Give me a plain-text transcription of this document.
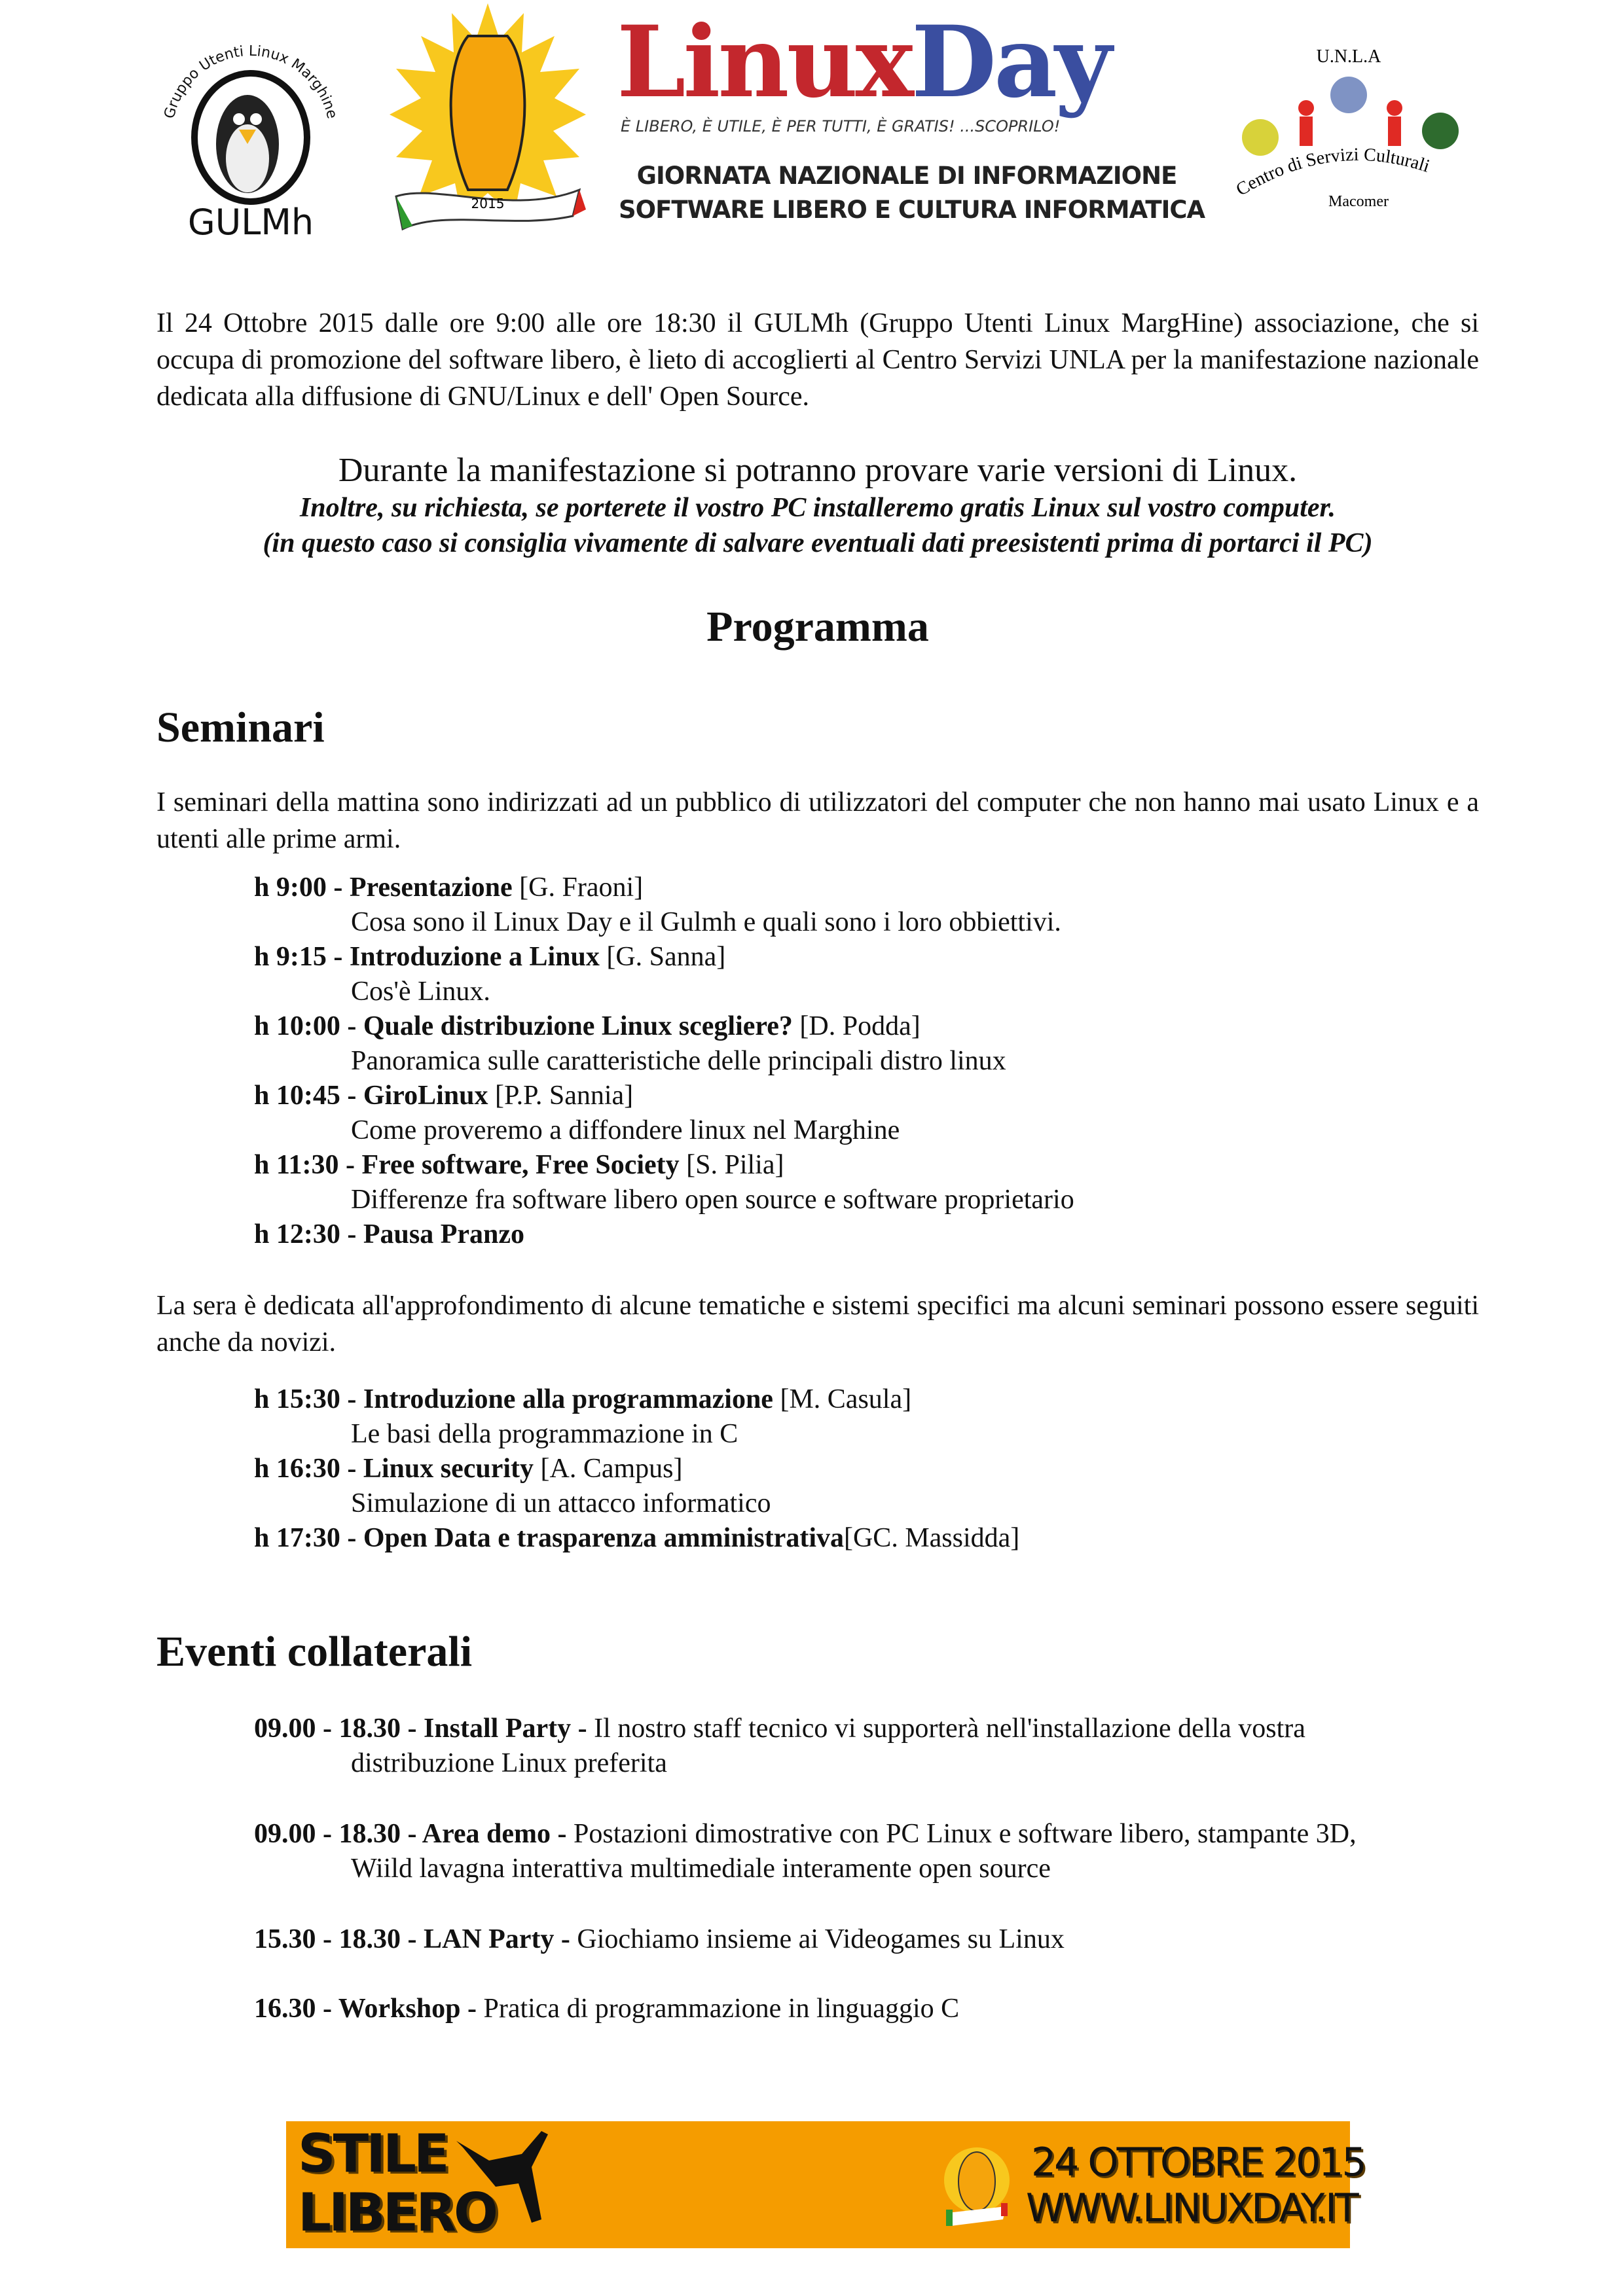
Gruppo Utenti Linux Marghine
GULMh	2015
LinuxDay
È LIBERO, È UTILE, È PER TUTTI, È GRATIS! ...SCOPRILO!
GIORNATA NAZIONALE DI INFORMAZIONE
SOFTWARE LIBERO E CULTURA INFORMATICA
U.N.L.A
Centro di Servizi Culturali
Macomer
Il 24 Ottobre 2015 dalle ore 9:00 alle ore 18:30 il GULMh (Gruppo Utenti Linux MargHine) associazione, che si occupa di promozione del software libero, è lieto di accoglierti al Centro Servizi UNLA per la manifestazione nazionale dedicata alla diffusione di GNU/Linux e dell' Open Source.
Durante la manifestazione si potranno provare varie versioni di Linux.
Inoltre, su richiesta, se porterete il vostro PC installeremo gratis Linux sul vostro computer.
(in questo caso si consiglia vivamente di salvare eventuali dati preesistenti prima di portarci il PC)
Programma
Seminari
I seminari della mattina sono indirizzati ad un pubblico di utilizzatori del computer che non hanno mai usato Linux e a utenti alle prime armi.
h 9:00 - Presentazione [G. Fraoni]
Cosa sono il Linux Day e il Gulmh e quali sono i loro obbiettivi.
h 9:15 - Introduzione a Linux [G. Sanna]
Cos'è Linux.
h 10:00 - Quale distribuzione Linux scegliere? [D. Podda]
Panoramica sulle caratteristiche delle principali distro linux
h 10:45 - GiroLinux [P.P. Sannia]
Come proveremo a diffondere linux nel Marghine
h 11:30 - Free software, Free Society [S. Pilia]
Differenze fra software libero open source e software proprietario
h 12:30 - Pausa Pranzo
La sera è dedicata all'approfondimento di alcune tematiche e sistemi specifici ma alcuni seminari possono essere seguiti anche da novizi.
h 15:30 - Introduzione alla programmazione [M. Casula]
Le basi della programmazione in C
h 16:30 - Linux security [A. Campus]
Simulazione di un attacco informatico
h 17:30 - Open Data e trasparenza amministrativa[GC. Massidda]
Eventi collaterali
09.00 - 18.30 - Install Party - Il nostro staff tecnico vi supporterà nell'installazione della vostra
distribuzione Linux preferita
09.00 - 18.30 - Area demo - Postazioni dimostrative con PC Linux e software libero, stampante 3D,
Wiild lavagna interattiva multimediale interamente open source
15.30 - 18.30 - LAN Party - Giochiamo insieme ai Videogames su Linux
16.30 - Workshop - Pratica di programmazione in linguaggio C
STILE
LIBERO
24 OTTOBRE 2015
WWW.LINUXDAY.IT
